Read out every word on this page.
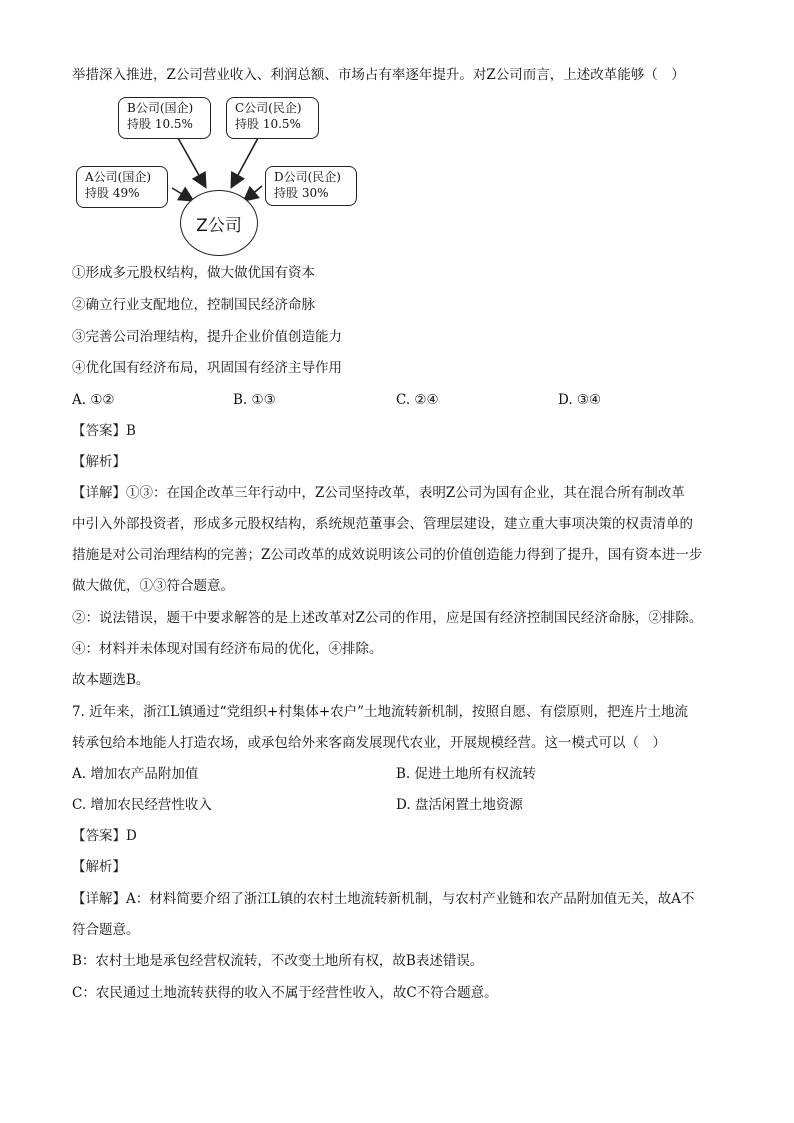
举措深入推进，Z公司营业收入、利润总额、市场占有率逐年提升。对Z公司而言，上述改革能够（　）
B公司(国企)
持股 10.5%
C公司(民企)
持股 10.5%
A公司(国企)
持股 49%
D公司(民企)
持股 30%
Z公司
①形成多元股权结构，做大做优国有资本
②确立行业支配地位，控制国民经济命脉
③完善公司治理结构，提升企业价值创造能力
④优化国有经济布局，巩固国有经济主导作用
A. ①②	B. ①③	C. ②④	D. ③④
【答案】B
【解析】
【详解】①③：在国企改革三年行动中，Z公司坚持改革，表明Z公司为国有企业，其在混合所有制改革
中引入外部投资者，形成多元股权结构，系统规范董事会、管理层建设，建立重大事项决策的权责清单的
措施是对公司治理结构的完善；Z公司改革的成效说明该公司的价值创造能力得到了提升，国有资本进一步
做大做优，①③符合题意。
②：说法错误，题干中要求解答的是上述改革对Z公司的作用，应是国有经济控制国民经济命脉，②排除。
④：材料并未体现对国有经济布局的优化，④排除。
故本题选B。
7. 近年来，浙江L镇通过“党组织+村集体+农户”土地流转新机制，按照自愿、有偿原则，把连片土地流
转承包给本地能人打造农场，或承包给外来客商发展现代农业，开展规模经营。这一模式可以（　）
A. 增加农产品附加值	B. 促进土地所有权流转
C. 增加农民经营性收入	D. 盘活闲置土地资源
【答案】D
【解析】
【详解】A：材料简要介绍了浙江L镇的农村土地流转新机制，与农村产业链和农产品附加值无关，故A不
符合题意。
B：农村土地是承包经营权流转，不改变土地所有权，故B表述错误。
C：农民通过土地流转获得的收入不属于经营性收入，故C不符合题意。
